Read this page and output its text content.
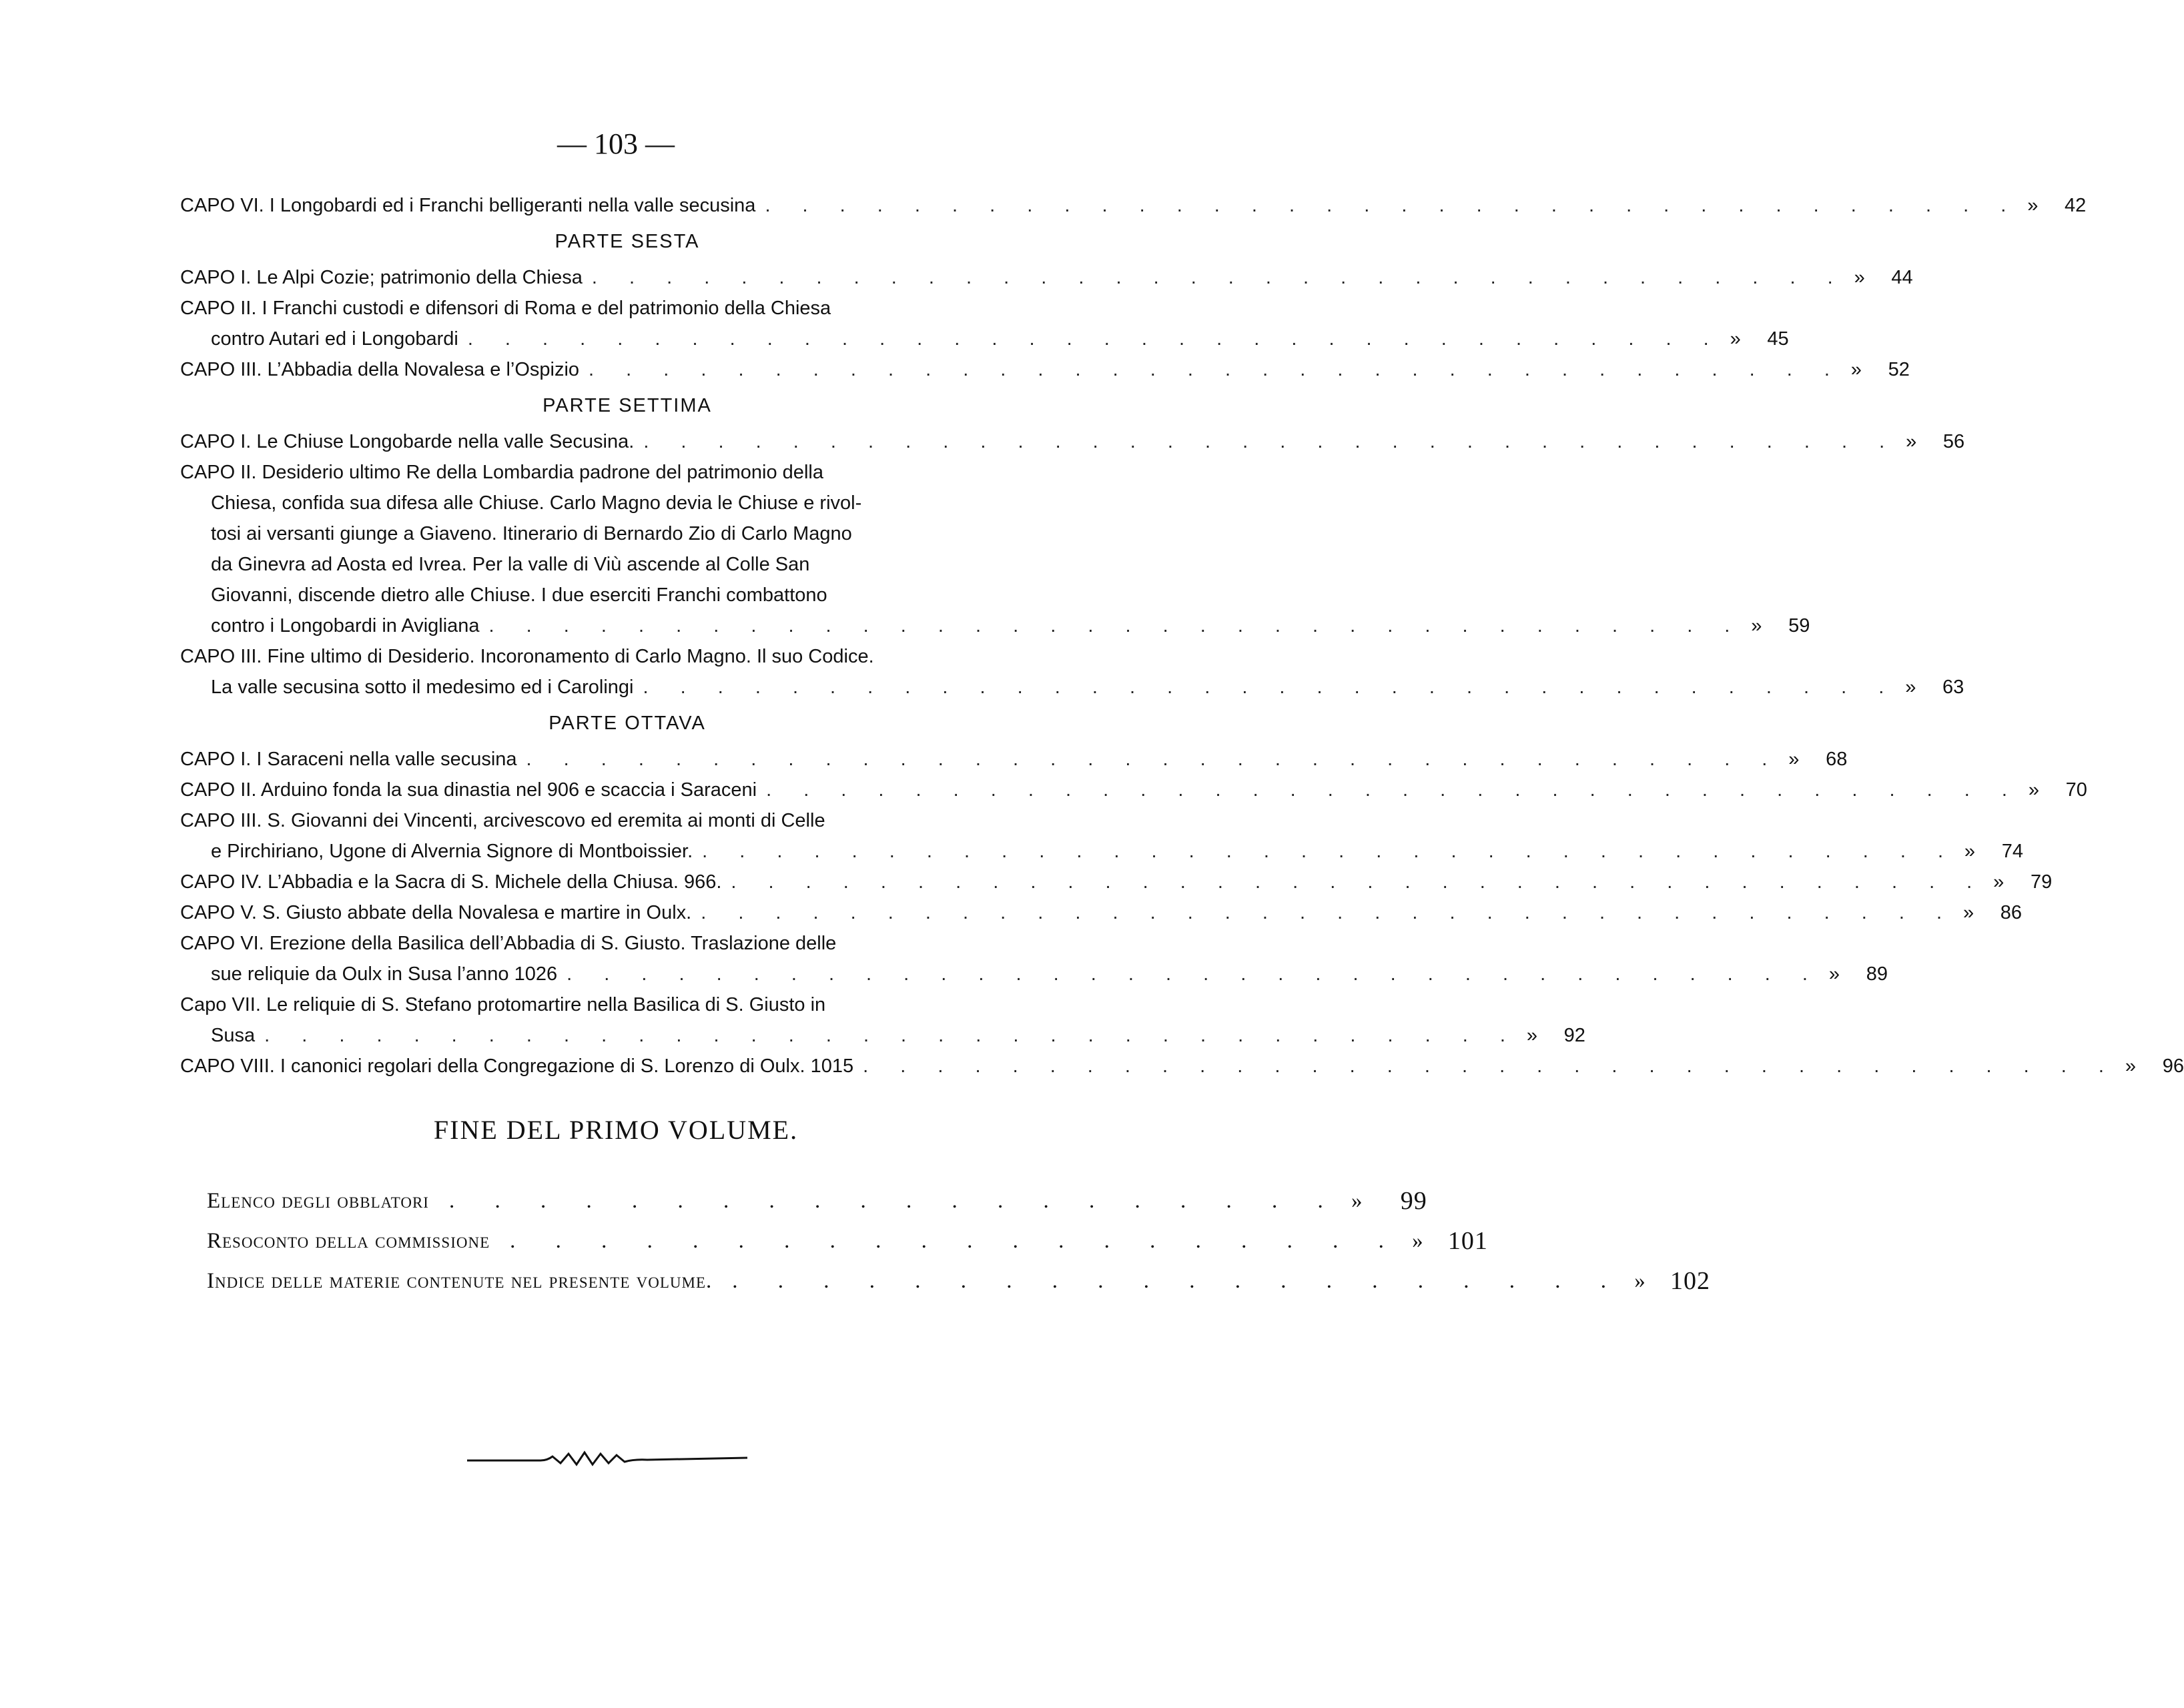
— 103 —
CAPO VI. I Longobardi ed i Franchi belligeranti nella valle secusina . . . . . . . . . . . . . . . . . . . . . . . . . . . . . . . . . . »	42
PARTE SESTA
CAPO I. Le Alpi Cozie; patrimonio della Chiesa . . . . . . . . . . . . . . . . . . . . . . . . . . . . . . . . . . »	44
CAPO II. I Franchi custodi e difensori di Roma e del patrimonio della Chiesa
contro Autari ed i Longobardi . . . . . . . . . . . . . . . . . . . . . . . . . . . . . . . . . . »	45
CAPO III. L’Abbadia della Novalesa e l’Ospizio . . . . . . . . . . . . . . . . . . . . . . . . . . . . . . . . . . »	52
PARTE SETTIMA
CAPO I. Le Chiuse Longobarde nella valle Secusina. . . . . . . . . . . . . . . . . . . . . . . . . . . . . . . . . . . »	56
CAPO II. Desiderio ultimo Re della Lombardia padrone del patrimonio della
Chiesa, confida sua difesa alle Chiuse. Carlo Magno devia le Chiuse e rivol-
tosi ai versanti giunge a Giaveno. Itinerario di Bernardo Zio di Carlo Magno
da Ginevra ad Aosta ed Ivrea. Per la valle di Viù ascende al Colle San
Giovanni, discende dietro alle Chiuse. I due eserciti Franchi combattono
contro i Longobardi in Avigliana . . . . . . . . . . . . . . . . . . . . . . . . . . . . . . . . . . »	59
CAPO III. Fine ultimo di Desiderio. Incoronamento di Carlo Magno. Il suo Codice.
La valle secusina sotto il medesimo ed i Carolingi . . . . . . . . . . . . . . . . . . . . . . . . . . . . . . . . . . »	63
PARTE OTTAVA
CAPO I. I Saraceni nella valle secusina . . . . . . . . . . . . . . . . . . . . . . . . . . . . . . . . . . »	68
CAPO II. Arduino fonda la sua dinastia nel 906 e scaccia i Saraceni . . . . . . . . . . . . . . . . . . . . . . . . . . . . . . . . . . »	70
CAPO III. S. Giovanni dei Vincenti, arcivescovo ed eremita ai monti di Celle
e Pirchiriano, Ugone di Alvernia Signore di Montboissier. . . . . . . . . . . . . . . . . . . . . . . . . . . . . . . . . . . »	74
CAPO IV. L’Abbadia e la Sacra di S. Michele della Chiusa. 966. . . . . . . . . . . . . . . . . . . . . . . . . . . . . . . . . . . »	79
CAPO V. S. Giusto abbate della Novalesa e martire in Oulx. . . . . . . . . . . . . . . . . . . . . . . . . . . . . . . . . . . »	86
CAPO VI. Erezione della Basilica dell’Abbadia di S. Giusto. Traslazione delle
sue reliquie da Oulx in Susa l’anno 1026 . . . . . . . . . . . . . . . . . . . . . . . . . . . . . . . . . . »	89
Capo VII. Le reliquie di S. Stefano protomartire nella Basilica di S. Giusto in
Susa . . . . . . . . . . . . . . . . . . . . . . . . . . . . . . . . . . »	92
CAPO VIII. I canonici regolari della Congregazione di S. Lorenzo di Oulx. 1015 . . . . . . . . . . . . . . . . . . . . . . . . . . . . . . . . . . »	96
FINE DEL PRIMO VOLUME.
Elenco degli obblatori . . . . . . . . . . . . . . . . . . . . »	99
Resoconto della commissione . . . . . . . . . . . . . . . . . . . . » 101
Indice delle materie contenute nel presente volume. . . . . . . . . . . . . . . . . . . . . » 102
